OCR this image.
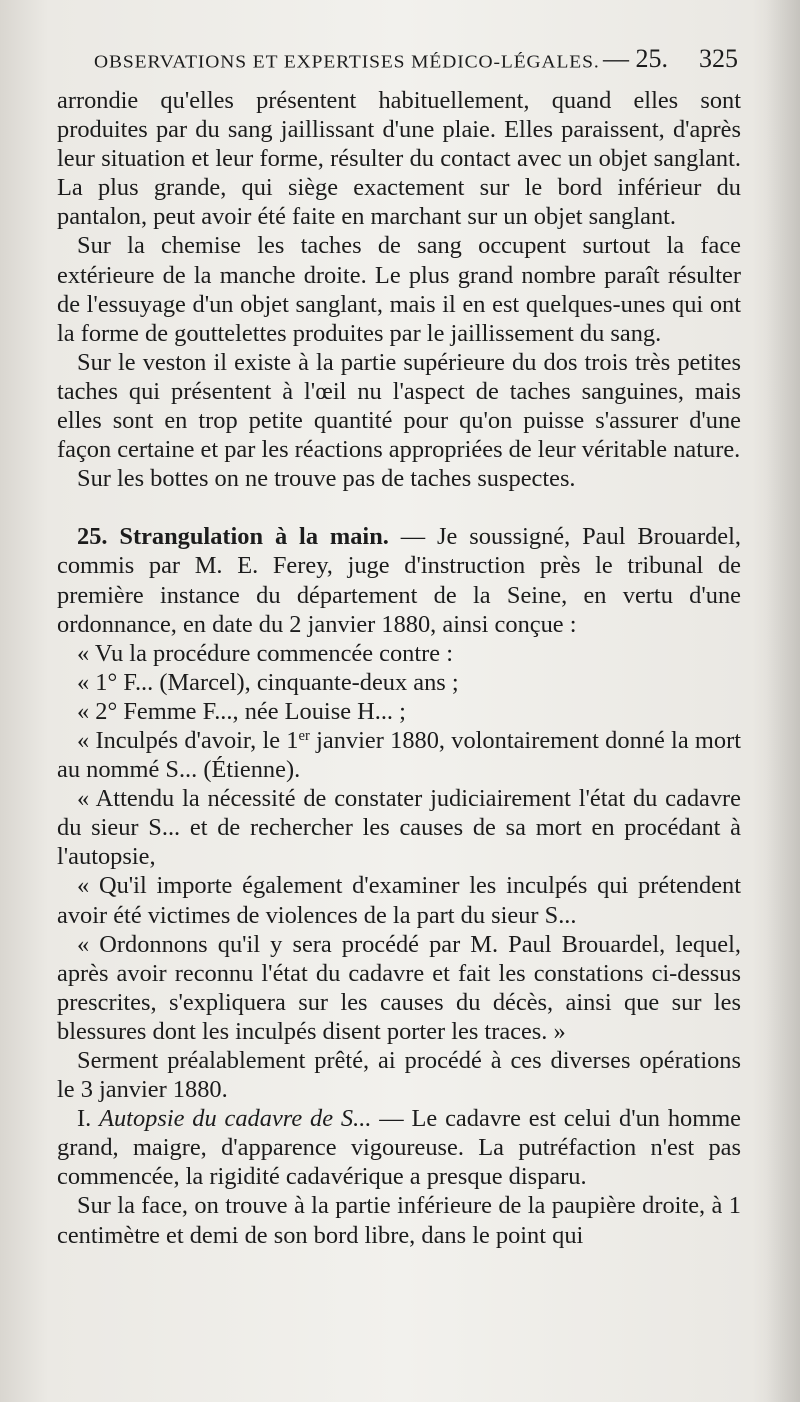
OBSERVATIONS ET EXPERTISES MÉDICO-LÉGALES. — 25. 325

arrondie qu'elles présentent habituellement, quand elles sont produites par du sang jaillissant d'une plaie. Elles paraissent, d'après leur situation et leur forme, résulter du contact avec un objet sanglant. La plus grande, qui siège exactement sur le bord inférieur du pantalon, peut avoir été faite en marchant sur un objet sanglant.

Sur la chemise les taches de sang occupent surtout la face extérieure de la manche droite. Le plus grand nombre paraît résulter de l'essuyage d'un objet sanglant, mais il en est quelques-unes qui ont la forme de gouttelettes produites par le jaillissement du sang.

Sur le veston il existe à la partie supérieure du dos trois très petites taches qui présentent à l'œil nu l'aspect de taches sanguines, mais elles sont en trop petite quantité pour qu'on puisse s'assurer d'une façon certaine et par les réactions appropriées de leur véritable nature.

Sur les bottes on ne trouve pas de taches suspectes.

25. Strangulation à la main. — Je soussigné, Paul Brouardel, commis par M. E. Ferey, juge d'instruction près le tribunal de première instance du département de la Seine, en vertu d'une ordonnance, en date du 2 janvier 1880, ainsi conçue :

« Vu la procédure commencée contre :

« 1° F... (Marcel), cinquante-deux ans ;

« 2° Femme F..., née Louise H... ;

« Inculpés d'avoir, le 1er janvier 1880, volontairement donné la mort au nommé S... (Étienne).

« Attendu la nécessité de constater judiciairement l'état du cadavre du sieur S... et de rechercher les causes de sa mort en procédant à l'autopsie,

« Qu'il importe également d'examiner les inculpés qui prétendent avoir été victimes de violences de la part du sieur S...

« Ordonnons qu'il y sera procédé par M. Paul Brouardel, lequel, après avoir reconnu l'état du cadavre et fait les constations ci-dessus prescrites, s'expliquera sur les causes du décès, ainsi que sur les blessures dont les inculpés disent porter les traces. »

Serment préalablement prêté, ai procédé à ces diverses opérations le 3 janvier 1880.

I. Autopsie du cadavre de S... — Le cadavre est celui d'un homme grand, maigre, d'apparence vigoureuse. La putréfaction n'est pas commencée, la rigidité cadavérique a presque disparu.

Sur la face, on trouve à la partie inférieure de la paupière droite, à 1 centimètre et demi de son bord libre, dans le point qui
